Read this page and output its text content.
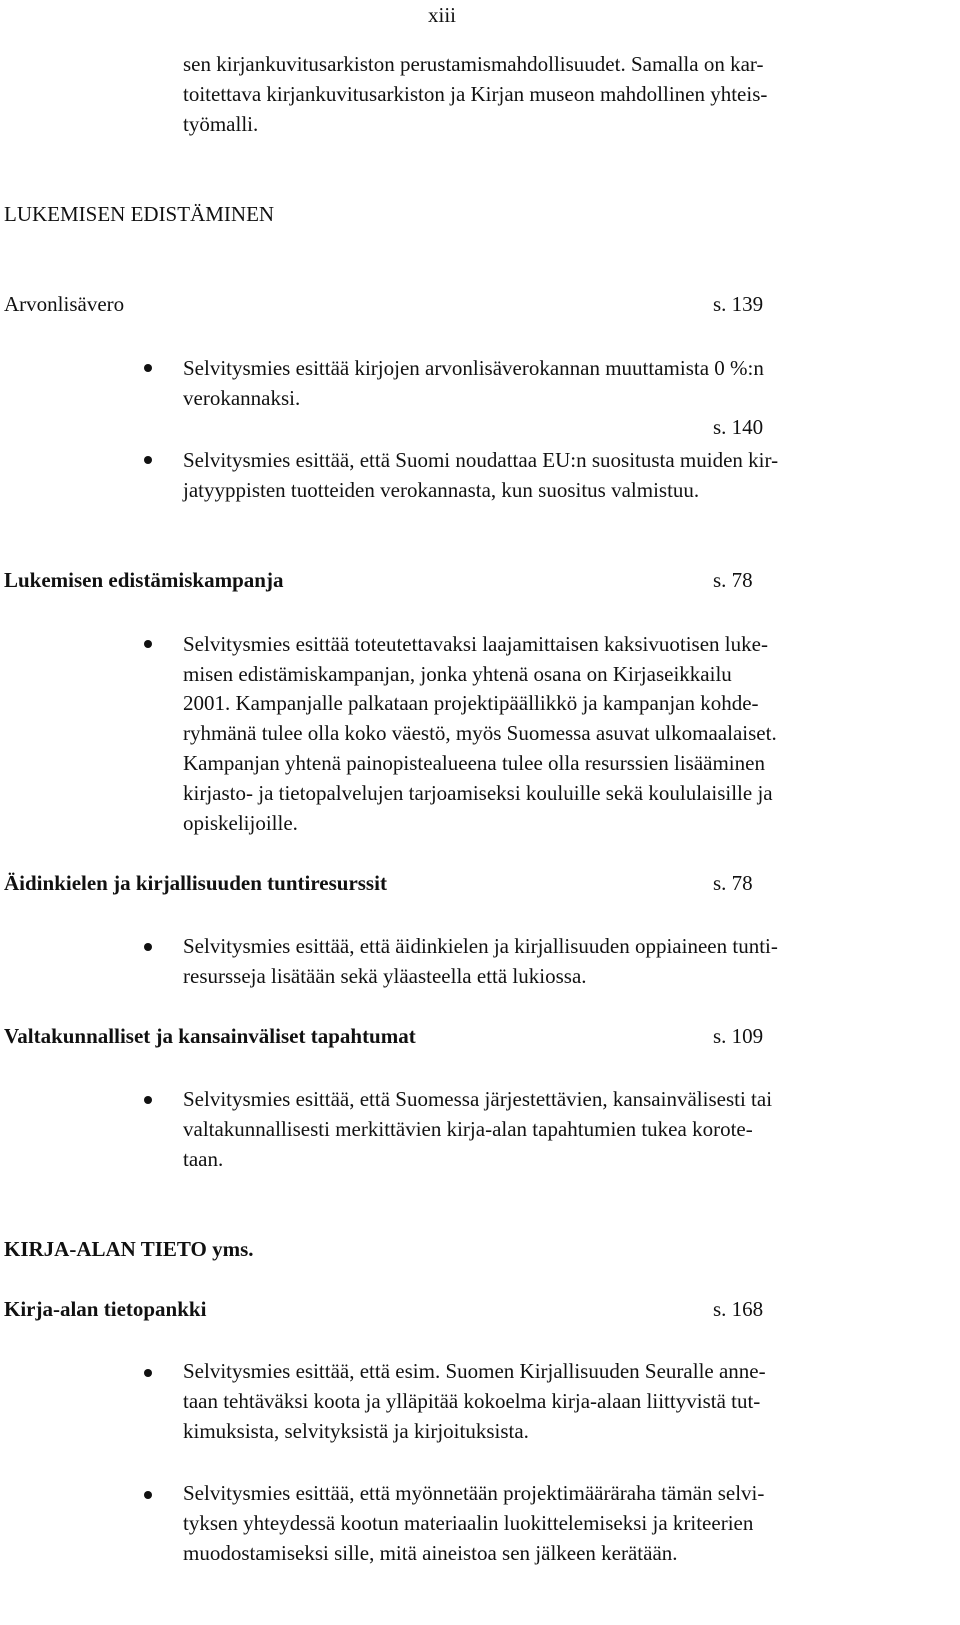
xiii
sen kirjankuvitusarkiston perustamismahdollisuudet. Samalla on kar-
toitettava kirjankuvitusarkiston ja Kirjan museon mahdollinen yhteis-
työmalli.
LUKEMISEN EDISTÄMINEN
Arvonlisävero	s. 139
Selvitysmies esittää kirjojen arvonlisäverokannan muuttamista 0 %:n
verokannaksi.
s. 140
Selvitysmies esittää, että Suomi noudattaa EU:n suositusta muiden kir-
jatyyppisten tuotteiden verokannasta, kun suositus valmistuu.
Lukemisen edistämiskampanja	s. 78
Selvitysmies esittää toteutettavaksi laajamittaisen kaksivuotisen luke-
misen edistämiskampanjan, jonka yhtenä osana on Kirjaseikkailu
2001. Kampanjalle palkataan projektipäällikkö ja kampanjan kohde-
ryhmänä tulee olla koko väestö, myös Suomessa asuvat ulkomaalaiset.
Kampanjan yhtenä painopistealueena tulee olla resurssien lisääminen
kirjasto- ja tietopalvelujen tarjoamiseksi kouluille sekä koululaisille ja
opiskelijoille.
Äidinkielen ja kirjallisuuden tuntiresurssit	s. 78
Selvitysmies esittää, että äidinkielen ja kirjallisuuden oppiaineen tunti-
resursseja lisätään sekä yläasteella että lukiossa.
Valtakunnalliset ja kansainväliset tapahtumat	s. 109
Selvitysmies esittää, että Suomessa järjestettävien, kansainvälisesti tai
valtakunnallisesti merkittävien kirja-alan tapahtumien tukea korote-
taan.
KIRJA-ALAN TIETO yms.
Kirja-alan tietopankki	s. 168
Selvitysmies esittää, että esim. Suomen Kirjallisuuden Seuralle anne-
taan tehtäväksi koota ja ylläpitää kokoelma kirja-alaan liittyvistä tut-
kimuksista, selvityksistä ja kirjoituksista.
Selvitysmies esittää, että myönnetään projektimääräraha tämän selvi-
tyksen yhteydessä kootun materiaalin luokittelemiseksi ja kriteerien
muodostamiseksi sille, mitä aineistoa sen jälkeen kerätään.
